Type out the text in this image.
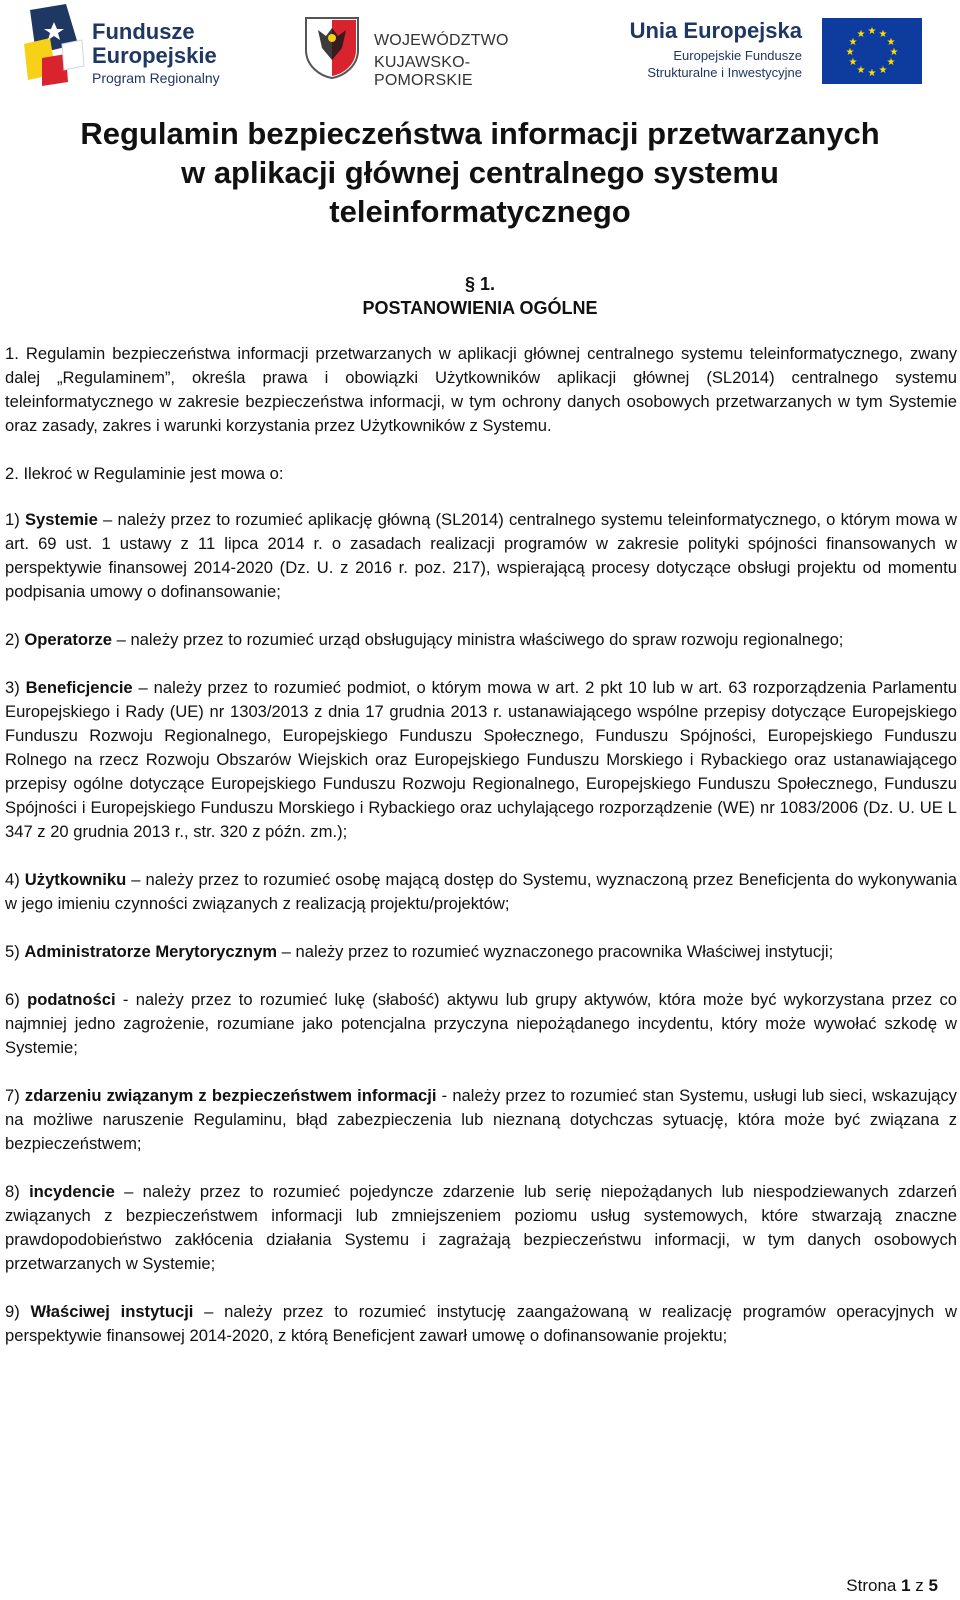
Fundusze
Europejskie
Program Regionalny
WOJEWÓDZTWO
KUJAWSKO-POMORSKIE
Unia Europejska
Europejskie Fundusze
Strukturalne i Inwestycyjne
★ ★
★
★
★
★
★
★
★
★
★
★
Regulamin bezpieczeństwa informacji przetwarzanych
w aplikacji głównej centralnego systemu
teleinformatycznego
§ 1.
POSTANOWIENIA OGÓLNE

1. Regulamin bezpieczeństwa informacji przetwarzanych w aplikacji głównej centralnego systemu teleinformatycznego, zwany dalej „Regulaminem”, określa prawa i obowiązki Użytkowników aplikacji głównej (SL2014) centralnego systemu teleinformatycznego w zakresie bezpieczeństwa informacji, w tym ochrony danych osobowych przetwarzanych w tym Systemie oraz zasady, zakres i warunki korzystania przez Użytkowników z Systemu.

2. Ilekroć w Regulaminie jest mowa o:

1) Systemie – należy przez to rozumieć aplikację główną (SL2014) centralnego systemu teleinformatycznego, o którym mowa w art. 69 ust. 1 ustawy z 11 lipca 2014 r. o zasadach realizacji programów w zakresie polityki spójności finansowanych w perspektywie finansowej 2014-2020 (Dz. U. z 2016 r. poz. 217), wspierającą procesy dotyczące obsługi projektu od momentu podpisania umowy o dofinansowanie;

2) Operatorze – należy przez to rozumieć urząd obsługujący ministra właściwego do spraw rozwoju regionalnego;

3) Beneficjencie – należy przez to rozumieć podmiot, o którym mowa w art. 2 pkt 10 lub w art. 63 rozporządzenia Parlamentu Europejskiego i Rady (UE) nr 1303/2013 z dnia 17 grudnia 2013 r. ustanawiającego wspólne przepisy dotyczące Europejskiego Funduszu Rozwoju Regionalnego, Europejskiego Funduszu Społecznego, Funduszu Spójności, Europejskiego Funduszu Rolnego na rzecz Rozwoju Obszarów Wiejskich oraz Europejskiego Funduszu Morskiego i Rybackiego oraz ustanawiającego przepisy ogólne dotyczące Europejskiego Funduszu Rozwoju Regionalnego, Europejskiego Funduszu Społecznego, Funduszu Spójności i Europejskiego Funduszu Morskiego i Rybackiego oraz uchylającego rozporządzenie (WE) nr 1083/2006 (Dz. U. UE L 347 z 20 grudnia 2013 r., str. 320 z późn. zm.);

4) Użytkowniku – należy przez to rozumieć osobę mającą dostęp do Systemu, wyznaczoną przez Beneficjenta do wykonywania w jego imieniu czynności związanych z realizacją projektu/projektów;

5) Administratorze Merytorycznym – należy przez to rozumieć wyznaczonego pracownika Właściwej instytucji;

6) podatności - należy przez to rozumieć lukę (słabość) aktywu lub grupy aktywów, która może być wykorzystana przez co najmniej jedno zagrożenie, rozumiane jako potencjalna przyczyna niepożądanego incydentu, który może wywołać szkodę w Systemie;

7) zdarzeniu związanym z bezpieczeństwem informacji - należy przez to rozumieć stan Systemu, usługi lub sieci, wskazujący na możliwe naruszenie Regulaminu, błąd zabezpieczenia lub nieznaną dotychczas sytuację, która może być związana z bezpieczeństwem;

8) incydencie – należy przez to rozumieć pojedyncze zdarzenie lub serię niepożądanych lub niespodziewanych zdarzeń związanych z bezpieczeństwem informacji lub zmniejszeniem poziomu usług systemowych, które stwarzają znaczne prawdopodobieństwo zakłócenia działania Systemu i zagrażają bezpieczeństwu informacji, w tym danych osobowych przetwarzanych w Systemie;

9) Właściwej instytucji – należy przez to rozumieć instytucję zaangażowaną w realizację programów operacyjnych w perspektywie finansowej 2014-2020, z którą Beneficjent zawarł umowę o dofinansowanie projektu;

Strona 1 z 5
